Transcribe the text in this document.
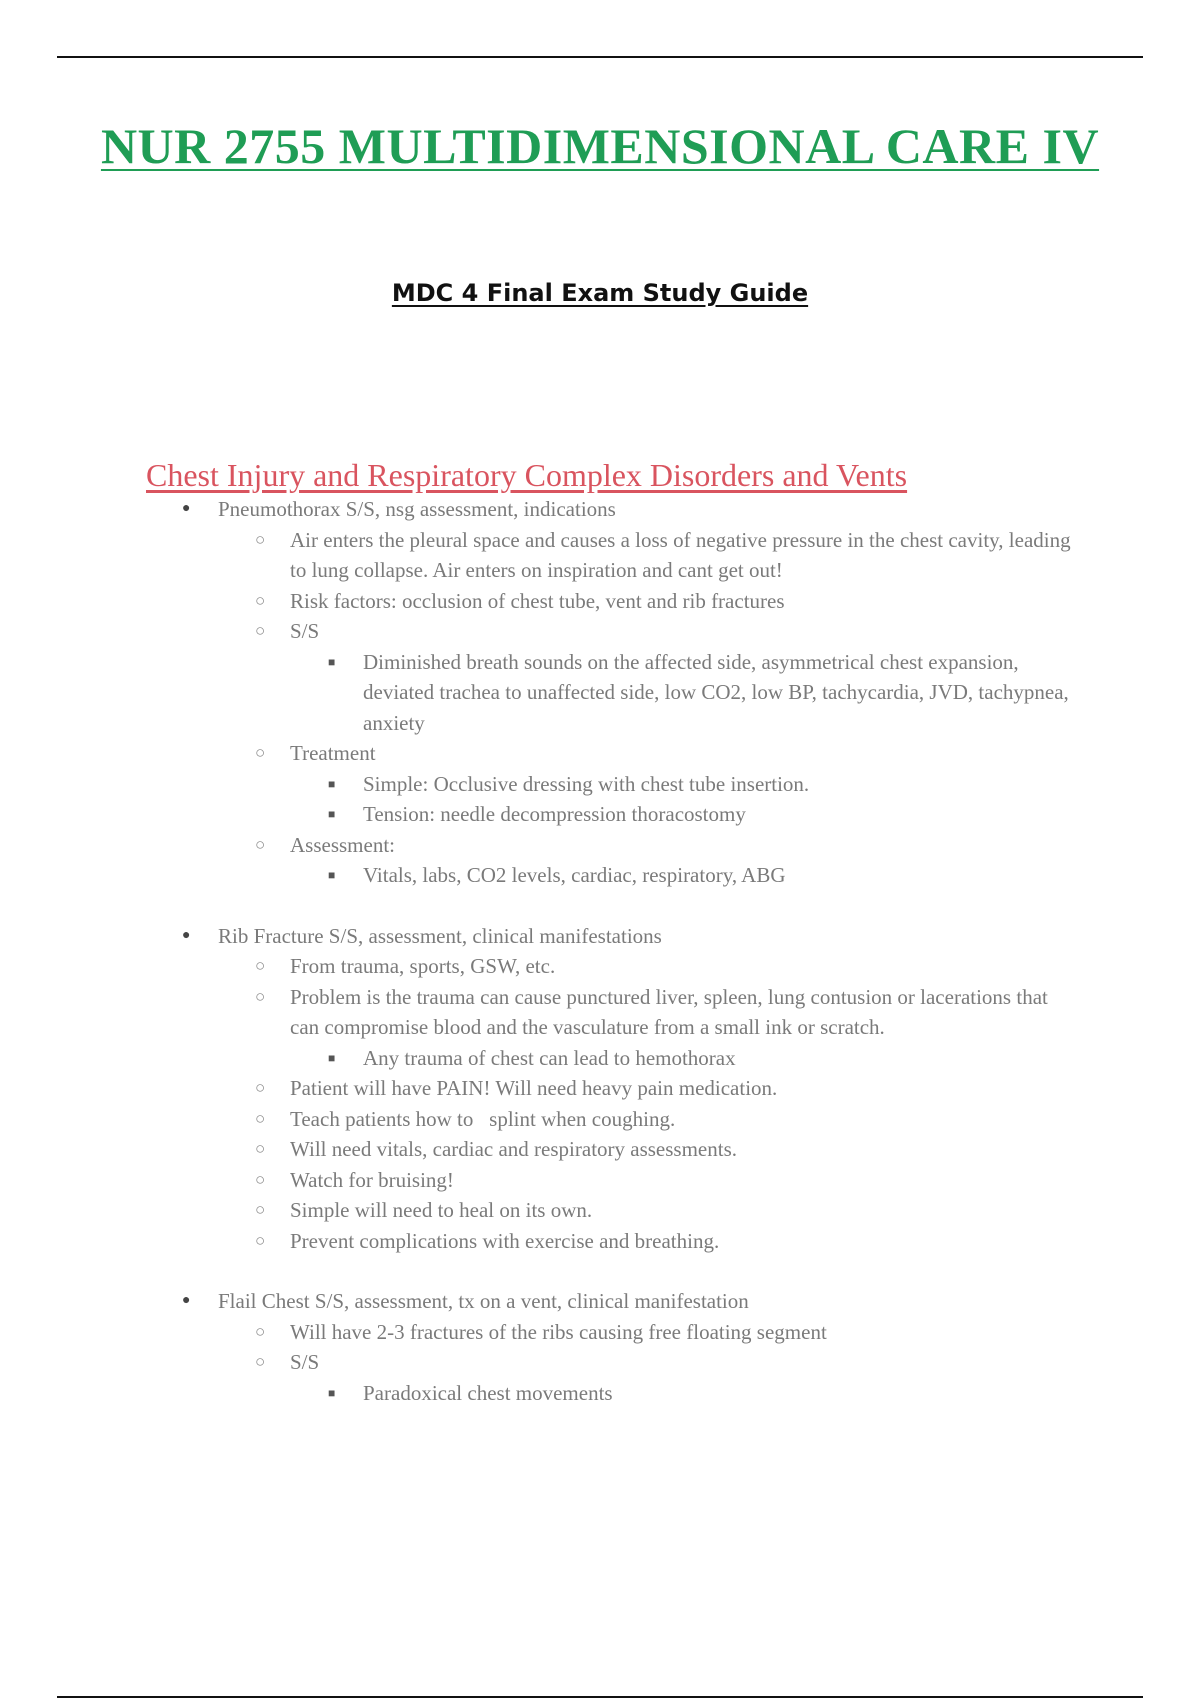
NUR 2755 MULTIDIMENSIONAL CARE IV
MDC 4 Final Exam Study Guide
Chest Injury and Respiratory Complex Disorders and Vents
● Pneumothorax S/S, nsg assessment, indications
○ Air enters the pleural space and causes a loss of negative pressure in the chest cavity, leading to lung collapse. Air enters on inspiration and cant get out!
○ Risk factors: occlusion of chest tube, vent and rib fractures
○ S/S
■ Diminished breath sounds on the affected side, asymmetrical chest expansion, deviated trachea to unaffected side, low CO2, low BP, tachycardia, JVD, tachypnea, anxiety
○ Treatment
■ Simple: Occlusive dressing with chest tube insertion.
■ Tension: needle decompression thoracostomy
○ Assessment:
■ Vitals, labs, CO2 levels, cardiac, respiratory, ABG
● Rib Fracture S/S, assessment, clinical manifestations
○ From trauma, sports, GSW, etc.
○ Problem is the trauma can cause punctured liver, spleen, lung contusion or lacerations that can compromise blood and the vasculature from a small ink or scratch.
■ Any trauma of chest can lead to hemothorax
○ Patient will have PAIN! Will need heavy pain medication.
○ Teach patients how to   splint when coughing.
○ Will need vitals, cardiac and respiratory assessments.
○ Watch for bruising!
○ Simple will need to heal on its own.
○ Prevent complications with exercise and breathing.
● Flail Chest S/S, assessment, tx on a vent, clinical manifestation
○ Will have 2-3 fractures of the ribs causing free floating segment
○ S/S
■ Paradoxical chest movements
